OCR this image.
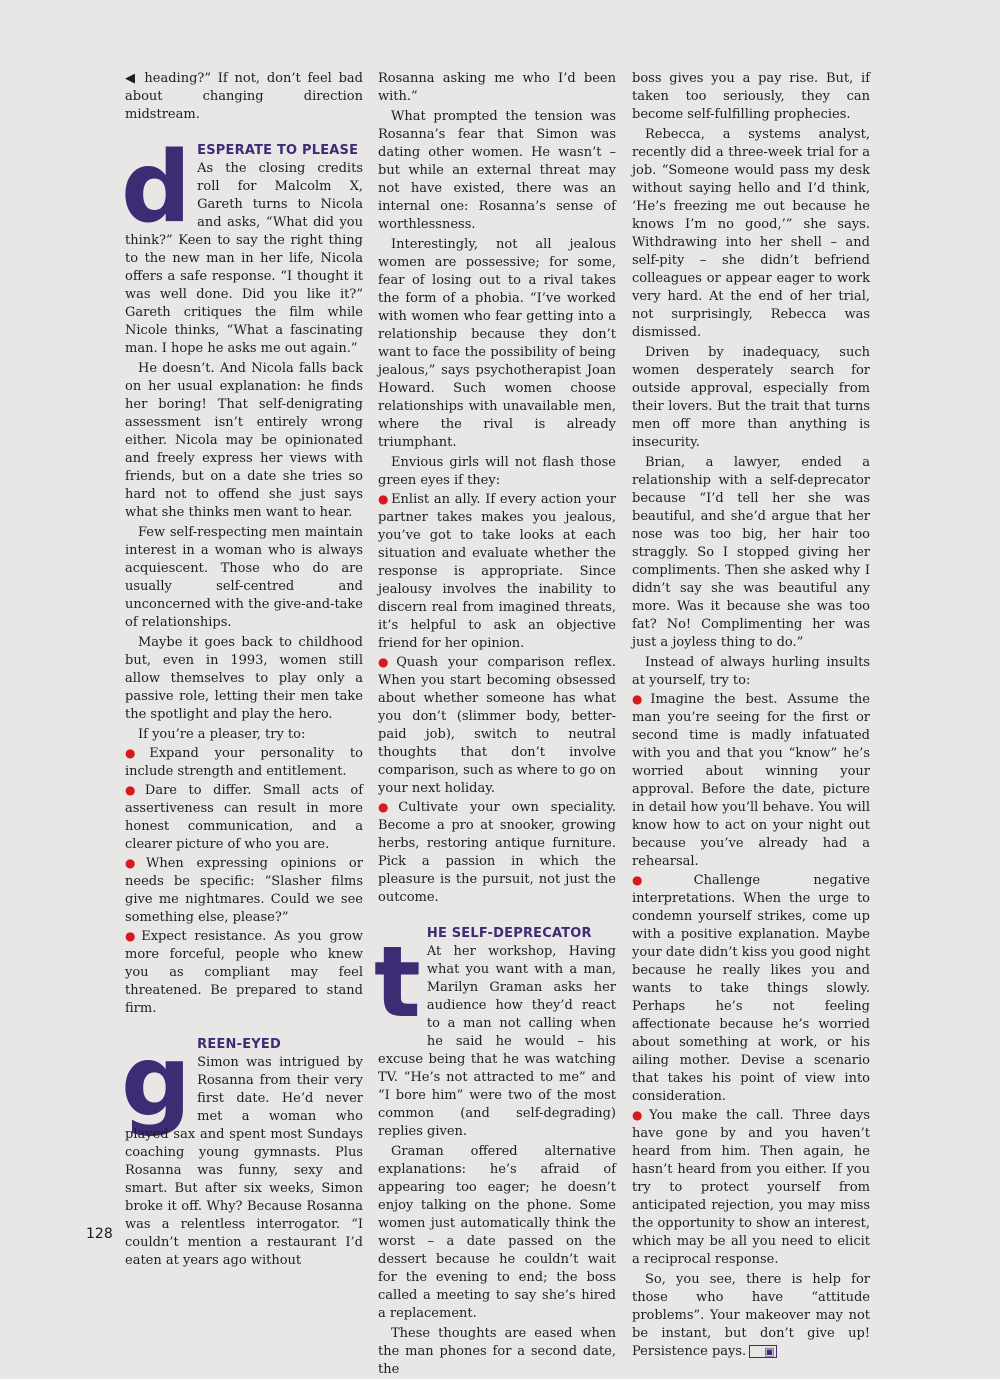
◀ heading?” If not, don’t feel bad about changing direction midstream.

d ESPERATE TO PLEASE

As the closing credits roll for Malcolm X, Gareth turns to Nicola and asks, “What did you think?” Keen to say the right thing to the new man in her life, Nicola offers a safe response. “I thought it was well done. Did you like it?” Gareth critiques the film while Nicole thinks, “What a fascinating man. I hope he asks me out again.”

He doesn’t. And Nicola falls back on her usual explanation: he finds her boring! That self-denigrating assessment isn’t entirely wrong either. Nicola may be opinionated and freely express her views with friends, but on a date she tries so hard not to offend she just says what she thinks men want to hear.

Few self-respecting men maintain interest in a woman who is always acquiescent. Those who do are usually self-centred and unconcerned with the give-and-take of relationships.

Maybe it goes back to childhood but, even in 1993, women still allow themselves to play only a passive role, letting their men take the spotlight and play the hero.

If you’re a pleaser, try to:

● Expand your personality to include strength and entitlement.

● Dare to differ. Small acts of assertiveness can result in more honest communication, and a clearer picture of who you are.

● When expressing opinions or needs be specific: “Slasher films give me nightmares. Could we see something else, please?”

● Expect resistance. As you grow more forceful, people who knew you as compliant may feel threatened. Be prepared to stand firm.

g REEN-EYED

Simon was intrigued by Rosanna from their very first date. He’d never met a woman who played sax and spent most Sundays coaching young gymnasts. Plus Rosanna was funny, sexy and smart. But after six weeks, Simon broke it off. Why? Because Rosanna was a relentless interrogator. “I couldn’t mention a restaurant I’d eaten at years ago without

Rosanna asking me who I’d been with.”

What prompted the tension was Rosanna’s fear that Simon was dating other women. He wasn’t – but while an external threat may not have existed, there was an internal one: Rosanna’s sense of worthlessness.

Interestingly, not all jealous women are possessive; for some, fear of losing out to a rival takes the form of a phobia. “I’ve worked with women who fear getting into a relationship because they don’t want to face the possibility of being jealous,” says psychotherapist Joan Howard. Such women choose relationships with unavailable men, where the rival is already triumphant.

Envious girls will not flash those green eyes if they:

● Enlist an ally. If every action your partner takes makes you jealous, you’ve got to take looks at each situation and evaluate whether the response is appropriate. Since jealousy involves the inability to discern real from imagined threats, it’s helpful to ask an objective friend for her opinion.

● Quash your comparison reflex. When you start becoming obsessed about whether someone has what you don’t (slimmer body, better-paid job), switch to neutral thoughts that don’t involve comparison, such as where to go on your next holiday.

● Cultivate your own speciality. Become a pro at snooker, growing herbs, restoring antique furniture. Pick a passion in which the pleasure is the pursuit, not just the outcome.

t HE SELF-DEPRECATOR

At her workshop, Having what you want with a man, Marilyn Graman asks her audience how they’d react to a man not calling when he said he would – his excuse being that he was watching TV. “He’s not attracted to me” and “I bore him” were two of the most common (and self-degrading) replies given.

Graman offered alternative explanations: he’s afraid of appearing too eager; he doesn’t enjoy talking on the phone. Some women just automatically think the worst – a date passed on the dessert because he couldn’t wait for the evening to end; the boss called a meeting to say she’s hired a replacement.

These thoughts are eased when the man phones for a second date, the

boss gives you a pay rise. But, if taken too seriously, they can become self-fulfilling prophecies.

Rebecca, a systems analyst, recently did a three-week trial for a job. “Someone would pass my desk without saying hello and I’d think, ‘He’s freezing me out because he knows I’m no good,’” she says. Withdrawing into her shell – and self-pity – she didn’t befriend colleagues or appear eager to work very hard. At the end of her trial, not surprisingly, Rebecca was dismissed.

Driven by inadequacy, such women desperately search for outside approval, especially from their lovers. But the trait that turns men off more than anything is insecurity.

Brian, a lawyer, ended a relationship with a self-deprecator because “I’d tell her she was beautiful, and she’d argue that her nose was too big, her hair too straggly. So I stopped giving her compliments. Then she asked why I didn’t say she was beautiful any more. Was it because she was too fat? No! Complimenting her was just a joyless thing to do.”

Instead of always hurling insults at yourself, try to:

● Imagine the best. Assume the man you’re seeing for the first or second time is madly infatuated with you and that you “know” he’s worried about winning your approval. Before the date, picture in detail how you’ll behave. You will know how to act on your night out because you’ve already had a rehearsal.

● Challenge negative interpretations. When the urge to condemn yourself strikes, come up with a positive explanation. Maybe your date didn’t kiss you good night because he really likes you and wants to take things slowly. Perhaps he’s not feeling affectionate because he’s worried about something at work, or his ailing mother. Devise a scenario that takes his point of view into consideration.

● You make the call. Three days have gone by and you haven’t heard from him. Then again, he hasn’t heard from you either. If you try to protect yourself from anticipated rejection, you may miss the opportunity to show an interest, which may be all you need to elicit a reciprocal response.

So, you see, there is help for those who have “attitude problems”. Your makeover may not be instant, but don’t give up! Persistence pays. ▣

128
